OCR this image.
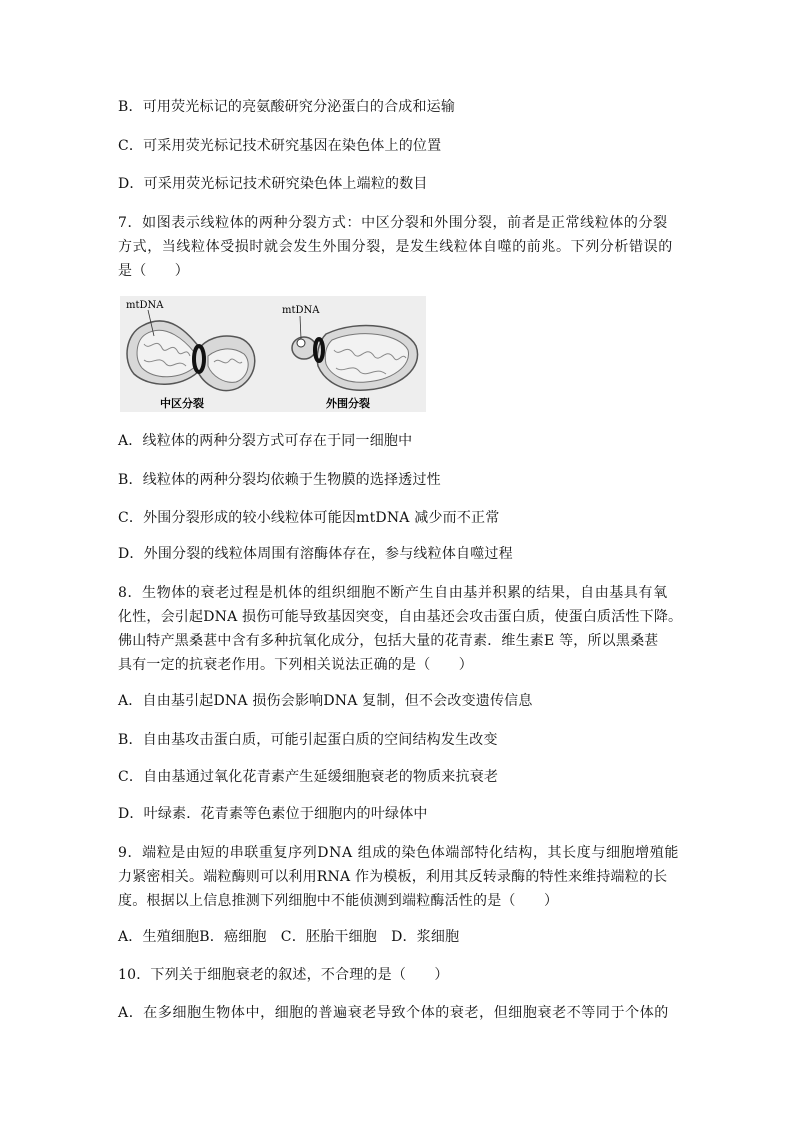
B．可用荧光标记的亮氨酸研究分泌蛋白的合成和运输
C．可采用荧光标记技术研究基因在染色体上的位置
D．可采用荧光标记技术研究染色体上端粒的数目
7．如图表示线粒体的两种分裂方式：中区分裂和外围分裂，前者是正常线粒体的分裂
方式，当线粒体受损时就会发生外围分裂，是发生线粒体自噬的前兆。下列分析错误的
是（　　）
mtDNA
中区分裂
mtDNA
外围分裂
A．线粒体的两种分裂方式可存在于同一细胞中
B．线粒体的两种分裂均依赖于生物膜的选择透过性
C．外围分裂形成的较小线粒体可能因mtDNA 减少而不正常
D．外围分裂的线粒体周围有溶酶体存在，参与线粒体自噬过程
8．生物体的衰老过程是机体的组织细胞不断产生自由基并积累的结果，自由基具有氧
化性，会引起DNA 损伤可能导致基因突变，自由基还会攻击蛋白质，使蛋白质活性下降。
佛山特产黑桑葚中含有多种抗氧化成分，包括大量的花青素．维生素E 等，所以黑桑葚
具有一定的抗衰老作用。下列相关说法正确的是（　　）
A．自由基引起DNA 损伤会影响DNA 复制，但不会改变遗传信息
B．自由基攻击蛋白质，可能引起蛋白质的空间结构发生改变
C．自由基通过氧化花青素产生延缓细胞衰老的物质来抗衰老
D．叶绿素．花青素等色素位于细胞内的叶绿体中
9．端粒是由短的串联重复序列DNA 组成的染色体端部特化结构，其长度与细胞增殖能
力紧密相关。端粒酶则可以利用RNA 作为模板，利用其反转录酶的特性来维持端粒的长
度。根据以上信息推测下列细胞中不能侦测到端粒酶活性的是（　　）
A．生殖细胞B．癌细胞　C．胚胎干细胞　D．浆细胞
10．下列关于细胞衰老的叙述，不合理的是（　　）
A．在多细胞生物体中，细胞的普遍衰老导致个体的衰老，但细胞衰老不等同于个体的
